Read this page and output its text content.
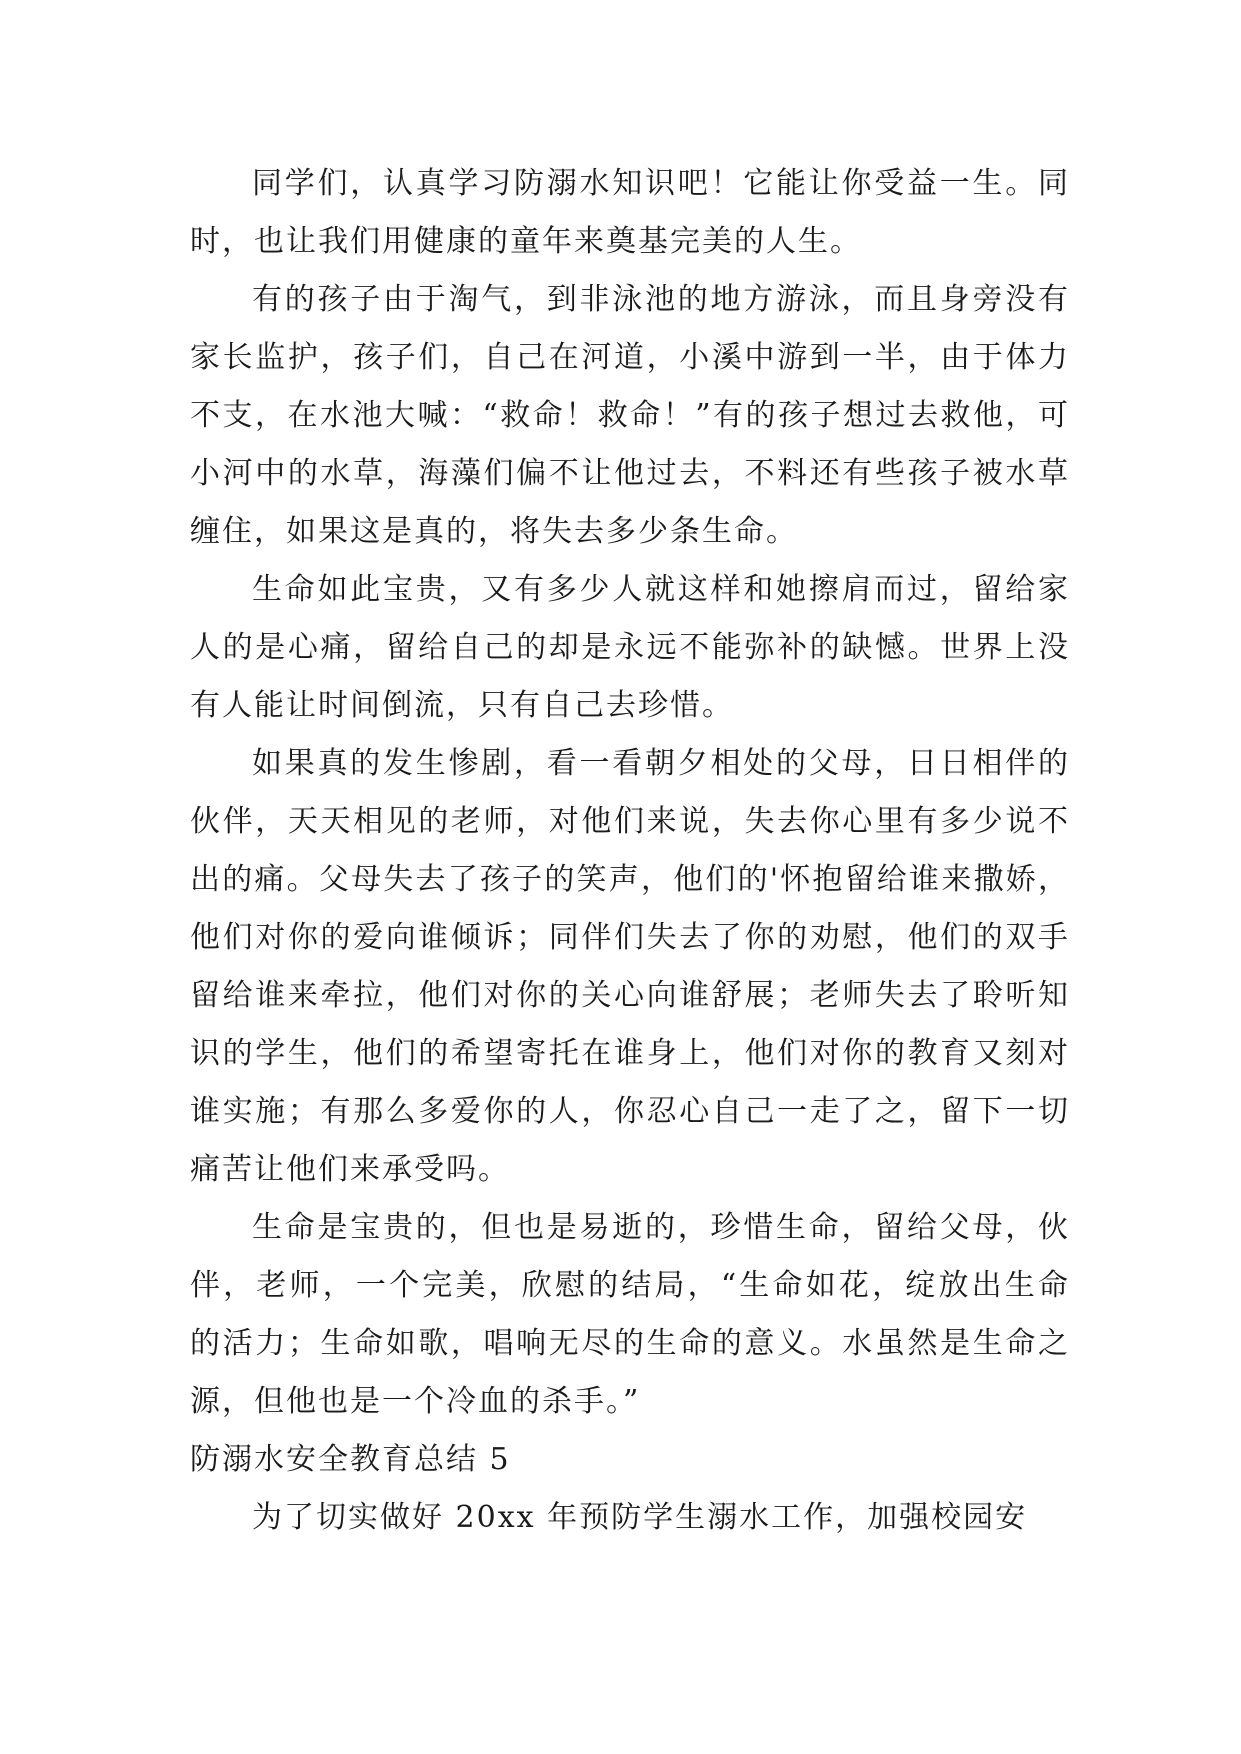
同学们，认真学习防溺水知识吧！它能让你受益一生。同时，也让我们用健康的童年来奠基完美的人生。

有的孩子由于淘气，到非泳池的地方游泳，而且身旁没有家长监护，孩子们，自己在河道，小溪中游到一半，由于体力不支，在水池大喊：“救命！救命！”有的孩子想过去救他，可小河中的水草，海藻们偏不让他过去，不料还有些孩子被水草缠住，如果这是真的，将失去多少条生命。

生命如此宝贵，又有多少人就这样和她擦肩而过，留给家人的是心痛，留给自己的却是永远不能弥补的缺憾。世界上没有人能让时间倒流，只有自己去珍惜。

如果真的发生惨剧，看一看朝夕相处的父母，日日相伴的伙伴，天天相见的老师，对他们来说，失去你心里有多少说不出的痛。父母失去了孩子的笑声，他们的'怀抱留给谁来撒娇，他们对你的爱向谁倾诉；同伴们失去了你的劝慰，他们的双手留给谁来牵拉，他们对你的关心向谁舒展；老师失去了聆听知识的学生，他们的希望寄托在谁身上，他们对你的教育又刻对谁实施；有那么多爱你的人，你忍心自己一走了之，留下一切痛苦让他们来承受吗。

生命是宝贵的，但也是易逝的，珍惜生命，留给父母，伙伴，老师，一个完美，欣慰的结局，“生命如花，绽放出生命的活力；生命如歌，唱响无尽的生命的意义。水虽然是生命之源，但他也是一个冷血的杀手。”

防溺水安全教育总结 5

为了切实做好 20xx 年预防学生溺水工作，加强校园安
